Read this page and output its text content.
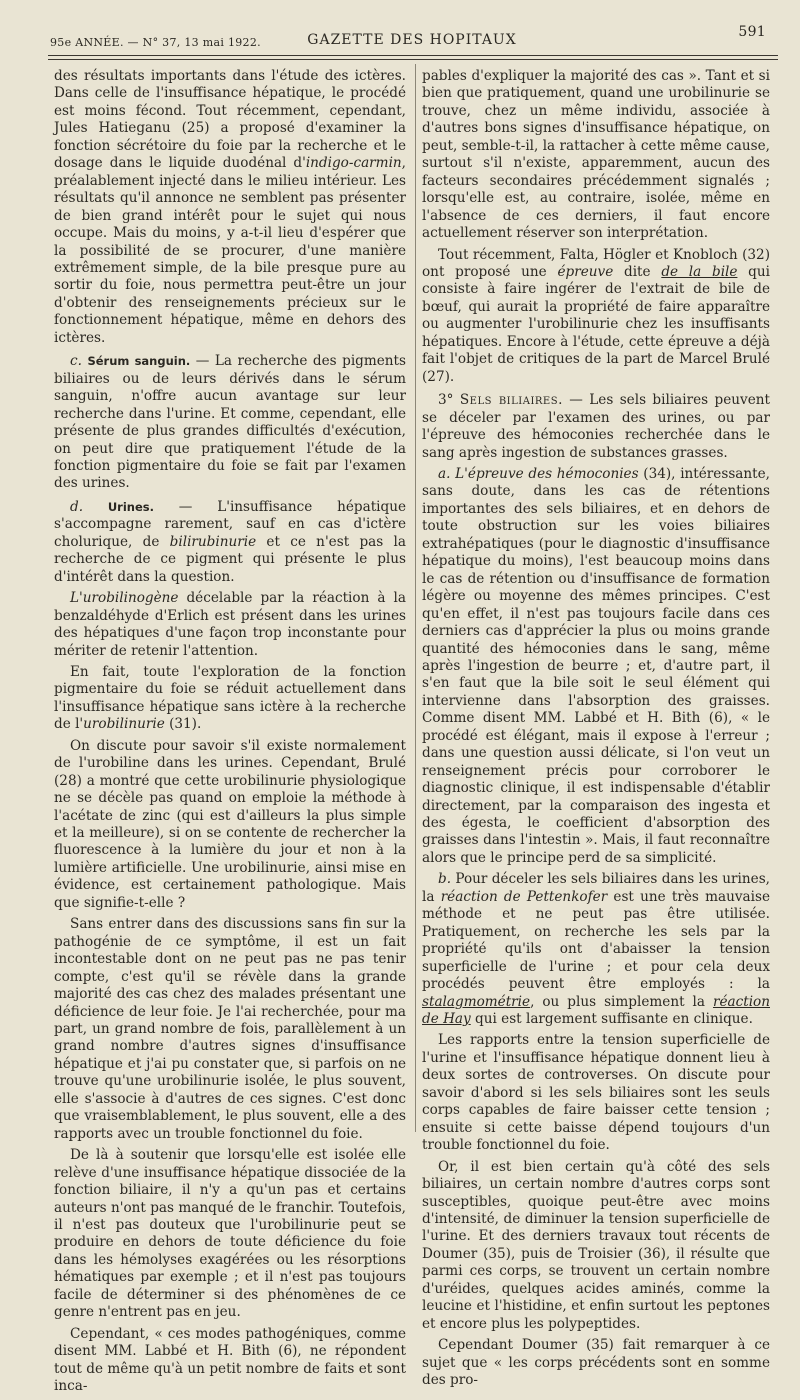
95e ANNÉE. — N° 37, 13 mai 1922.	GAZETTE DES HOPITAUX	591

des résultats importants dans l'étude des ictères. Dans celle de l'insuffisance hépatique, le procédé est moins fécond. Tout récemment, cependant, Jules Hatieganu (25) a proposé d'examiner la fonction sécrétoire du foie par la recherche et le dosage dans le liquide duodénal d'indigo-carmin, préalablement injecté dans le milieu intérieur. Les résultats qu'il annonce ne semblent pas présenter de bien grand intérêt pour le sujet qui nous occupe. Mais du moins, y a-t-il lieu d'espérer que la possibilité de se procurer, d'une manière extrêmement simple, de la bile presque pure au sortir du foie, nous permettra peut-être un jour d'obtenir des renseignements précieux sur le fonctionnement hépatique, même en dehors des ictères.

c. Sérum sanguin. — La recherche des pigments biliaires ou de leurs dérivés dans le sérum sanguin, n'offre aucun avantage sur leur recherche dans l'urine. Et comme, cependant, elle présente de plus grandes difficultés d'exécution, on peut dire que pratiquement l'étude de la fonction pigmentaire du foie se fait par l'examen des urines.

d. Urines. — L'insuffisance hépatique s'accompagne rarement, sauf en cas d'ictère cholurique, de bilirubinurie et ce n'est pas la recherche de ce pigment qui présente le plus d'intérêt dans la question.

L'urobilinogène décelable par la réaction à la benzaldéhyde d'Erlich est présent dans les urines des hépatiques d'une façon trop inconstante pour mériter de retenir l'attention.

En fait, toute l'exploration de la fonction pigmentaire du foie se réduit actuellement dans l'insuffisance hépatique sans ictère à la recherche de l'urobilinurie (31).

On discute pour savoir s'il existe normalement de l'urobiline dans les urines. Cependant, Brulé (28) a montré que cette urobilinurie physiologique ne se décèle pas quand on emploie la méthode à l'acétate de zinc (qui est d'ailleurs la plus simple et la meilleure), si on se contente de rechercher la fluorescence à la lumière du jour et non à la lumière artificielle. Une urobilinurie, ainsi mise en évidence, est certainement pathologique. Mais que signifie-t-elle ?

Sans entrer dans des discussions sans fin sur la pathogénie de ce symptôme, il est un fait incontestable dont on ne peut pas ne pas tenir compte, c'est qu'il se révèle dans la grande majorité des cas chez des malades présentant une déficience de leur foie. Je l'ai recherchée, pour ma part, un grand nombre de fois, parallèlement à un grand nombre d'autres signes d'insuffisance hépatique et j'ai pu constater que, si parfois on ne trouve qu'une urobilinurie isolée, le plus souvent, elle s'associe à d'autres de ces signes. C'est donc que vraisemblablement, le plus souvent, elle a des rapports avec un trouble fonctionnel du foie.

De là à soutenir que lorsqu'elle est isolée elle relève d'une insuffisance hépatique dissociée de la fonction biliaire, il n'y a qu'un pas et certains auteurs n'ont pas manqué de le franchir. Toutefois, il n'est pas douteux que l'urobilinurie peut se produire en dehors de toute déficience du foie dans les hémolyses exagérées ou les résorptions hématiques par exemple ; et il n'est pas toujours facile de déterminer si des phénomènes de ce genre n'entrent pas en jeu.

Cependant, « ces modes pathogéniques, comme disent MM. Labbé et H. Bith (6), ne répondent tout de même qu'à un petit nombre de faits et sont inca-

pables d'expliquer la majorité des cas ». Tant et si bien que pratiquement, quand une urobilinurie se trouve, chez un même individu, associée à d'autres bons signes d'insuffisance hépatique, on peut, semble-t-il, la rattacher à cette même cause, surtout s'il n'existe, apparemment, aucun des facteurs secondaires précédemment signalés ; lorsqu'elle est, au contraire, isolée, même en l'absence de ces derniers, il faut encore actuellement réserver son interprétation.

Tout récemment, Falta, Högler et Knobloch (32) ont proposé une épreuve dite de la bile qui consiste à faire ingérer de l'extrait de bile de bœuf, qui aurait la propriété de faire apparaître ou augmenter l'urobilinurie chez les insuffisants hépatiques. Encore à l'étude, cette épreuve a déjà fait l'objet de critiques de la part de Marcel Brulé (27).

3° Sels biliaires. — Les sels biliaires peuvent se déceler par l'examen des urines, ou par l'épreuve des hémoconies recherchée dans le sang après ingestion de substances grasses.

a. L'épreuve des hémoconies (34), intéressante, sans doute, dans les cas de rétentions importantes des sels biliaires, et en dehors de toute obstruction sur les voies biliaires extrahépatiques (pour le diagnostic d'insuffisance hépatique du moins), l'est beaucoup moins dans le cas de rétention ou d'insuffisance de formation légère ou moyenne des mêmes principes. C'est qu'en effet, il n'est pas toujours facile dans ces derniers cas d'apprécier la plus ou moins grande quantité des hémoconies dans le sang, même après l'ingestion de beurre ; et, d'autre part, il s'en faut que la bile soit le seul élément qui intervienne dans l'absorption des graisses. Comme disent MM. Labbé et H. Bith (6), « le procédé est élégant, mais il expose à l'erreur ; dans une question aussi délicate, si l'on veut un renseignement précis pour corroborer le diagnostic clinique, il est indispensable d'établir directement, par la comparaison des ingesta et des égesta, le coefficient d'absorption des graisses dans l'intestin ». Mais, il faut reconnaître alors que le principe perd de sa simplicité.

b. Pour déceler les sels biliaires dans les urines, la réaction de Pettenkofer est une très mauvaise méthode et ne peut pas être utilisée. Pratiquement, on recherche les sels par la propriété qu'ils ont d'abaisser la tension superficielle de l'urine ; et pour cela deux procédés peuvent être employés : la stalagmométrie, ou plus simplement la réaction de Hay qui est largement suffisante en clinique.

Les rapports entre la tension superficielle de l'urine et l'insuffisance hépatique donnent lieu à deux sortes de controverses. On discute pour savoir d'abord si les sels biliaires sont les seuls corps capables de faire baisser cette tension ; ensuite si cette baisse dépend toujours d'un trouble fonctionnel du foie.

Or, il est bien certain qu'à côté des sels biliaires, un certain nombre d'autres corps sont susceptibles, quoique peut-être avec moins d'intensité, de diminuer la tension superficielle de l'urine. Et des derniers travaux tout récents de Doumer (35), puis de Troisier (36), il résulte que parmi ces corps, se trouvent un certain nombre d'uréides, quelques acides aminés, comme la leucine et l'histidine, et enfin surtout les peptones et encore plus les polypeptides.

Cependant Doumer (35) fait remarquer à ce sujet que « les corps précédents sont en somme des pro-
